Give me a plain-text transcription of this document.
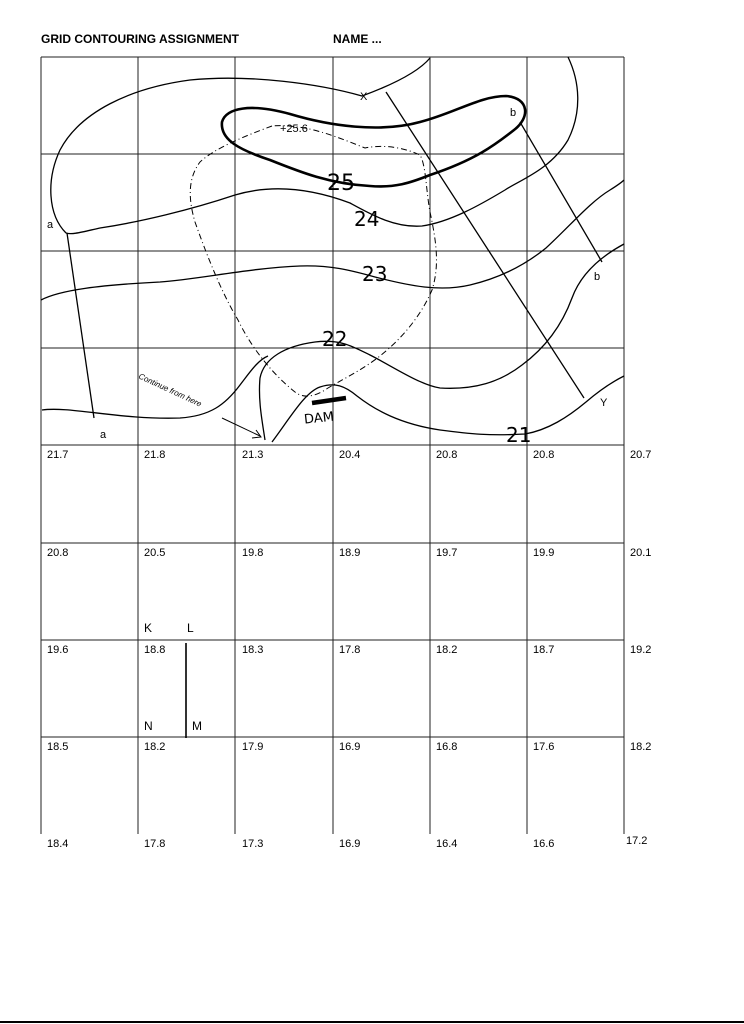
GRID CONTOURING ASSIGNMENT	NAME ...
+25.6
25
24
23
22
21
DAM
Continue from here
X
Y
a
a
b
b
21.7	21.8	21.3	20.4	20.8	20.8	20.7
20.8	20.5	19.8	18.9	19.7	19.9	20.1
19.6	18.8	18.3	17.8	18.2	18.7	19.2
18.5	18.2	17.9	16.9	16.8	17.6	18.2
18.4	17.8	17.3	16.9	16.4	16.6	17.2
K	L
N	M
